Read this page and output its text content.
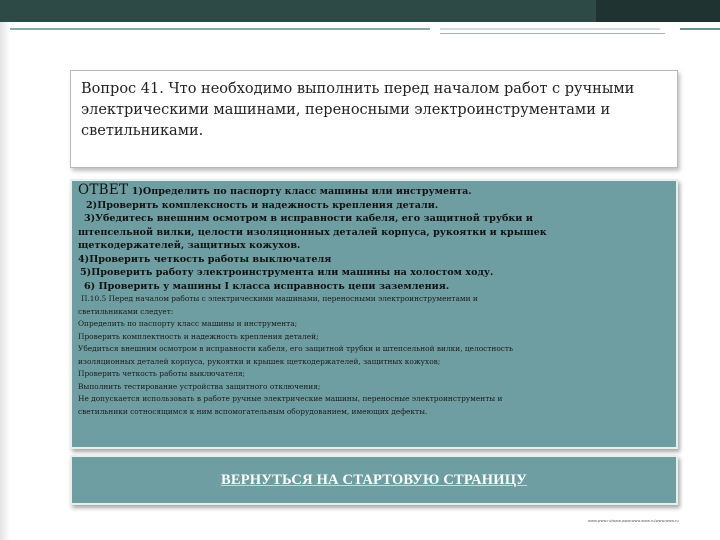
Вопрос 41. Что необходимо выполнить перед началом работ с ручными электрическими машинами, переносными электроинструментами и светильниками.
ОТВЕТ 1)Определить по паспорту класс машины или инструмента.
2)Проверить комплексность и надежность крепления детали.
3)Убедитесь внешним осмотром в исправности кабеля, его защитной трубки и
штепсельной вилки, целости изоляционных деталей корпуса, рукоятки и крышек
щеткодержателей, защитных кожухов.
4)Проверить четкость работы выключателя
5)Проверить работу электроинструмента или машины на холостом ходу.
6) Проверить у машины I класса исправность цепи заземления.
П.10.5 Перед началом работы с электрическими машинами, переносными электроинструментами и
светильниками следует:
Определить по паспорту класс машины и инструмента;
Проверить комплектность и надежность крепления деталей;
Убедиться внешним осмотром в исправности кабеля, его защитной трубки и штепсельной вилки, целостность
изоляционных деталей корпуса, рукоятки и крышек щеткодержателей, защитных кожухов;
Проверить четкость работы выключателя;
Выполнить тестирование устройства защитного отключения;
Не допускается использовать в работе ручные электрические машины, переносные электроинструменты и
светильники сотносящимся к ним вспомогательным оборудованием, имеющих дефекты.
ВЕРНУТЬСЯ НА СТАРТОВУЮ СТРАНИЦУ
www.www.ru/www.www.www.www.ru/www.www.ru
